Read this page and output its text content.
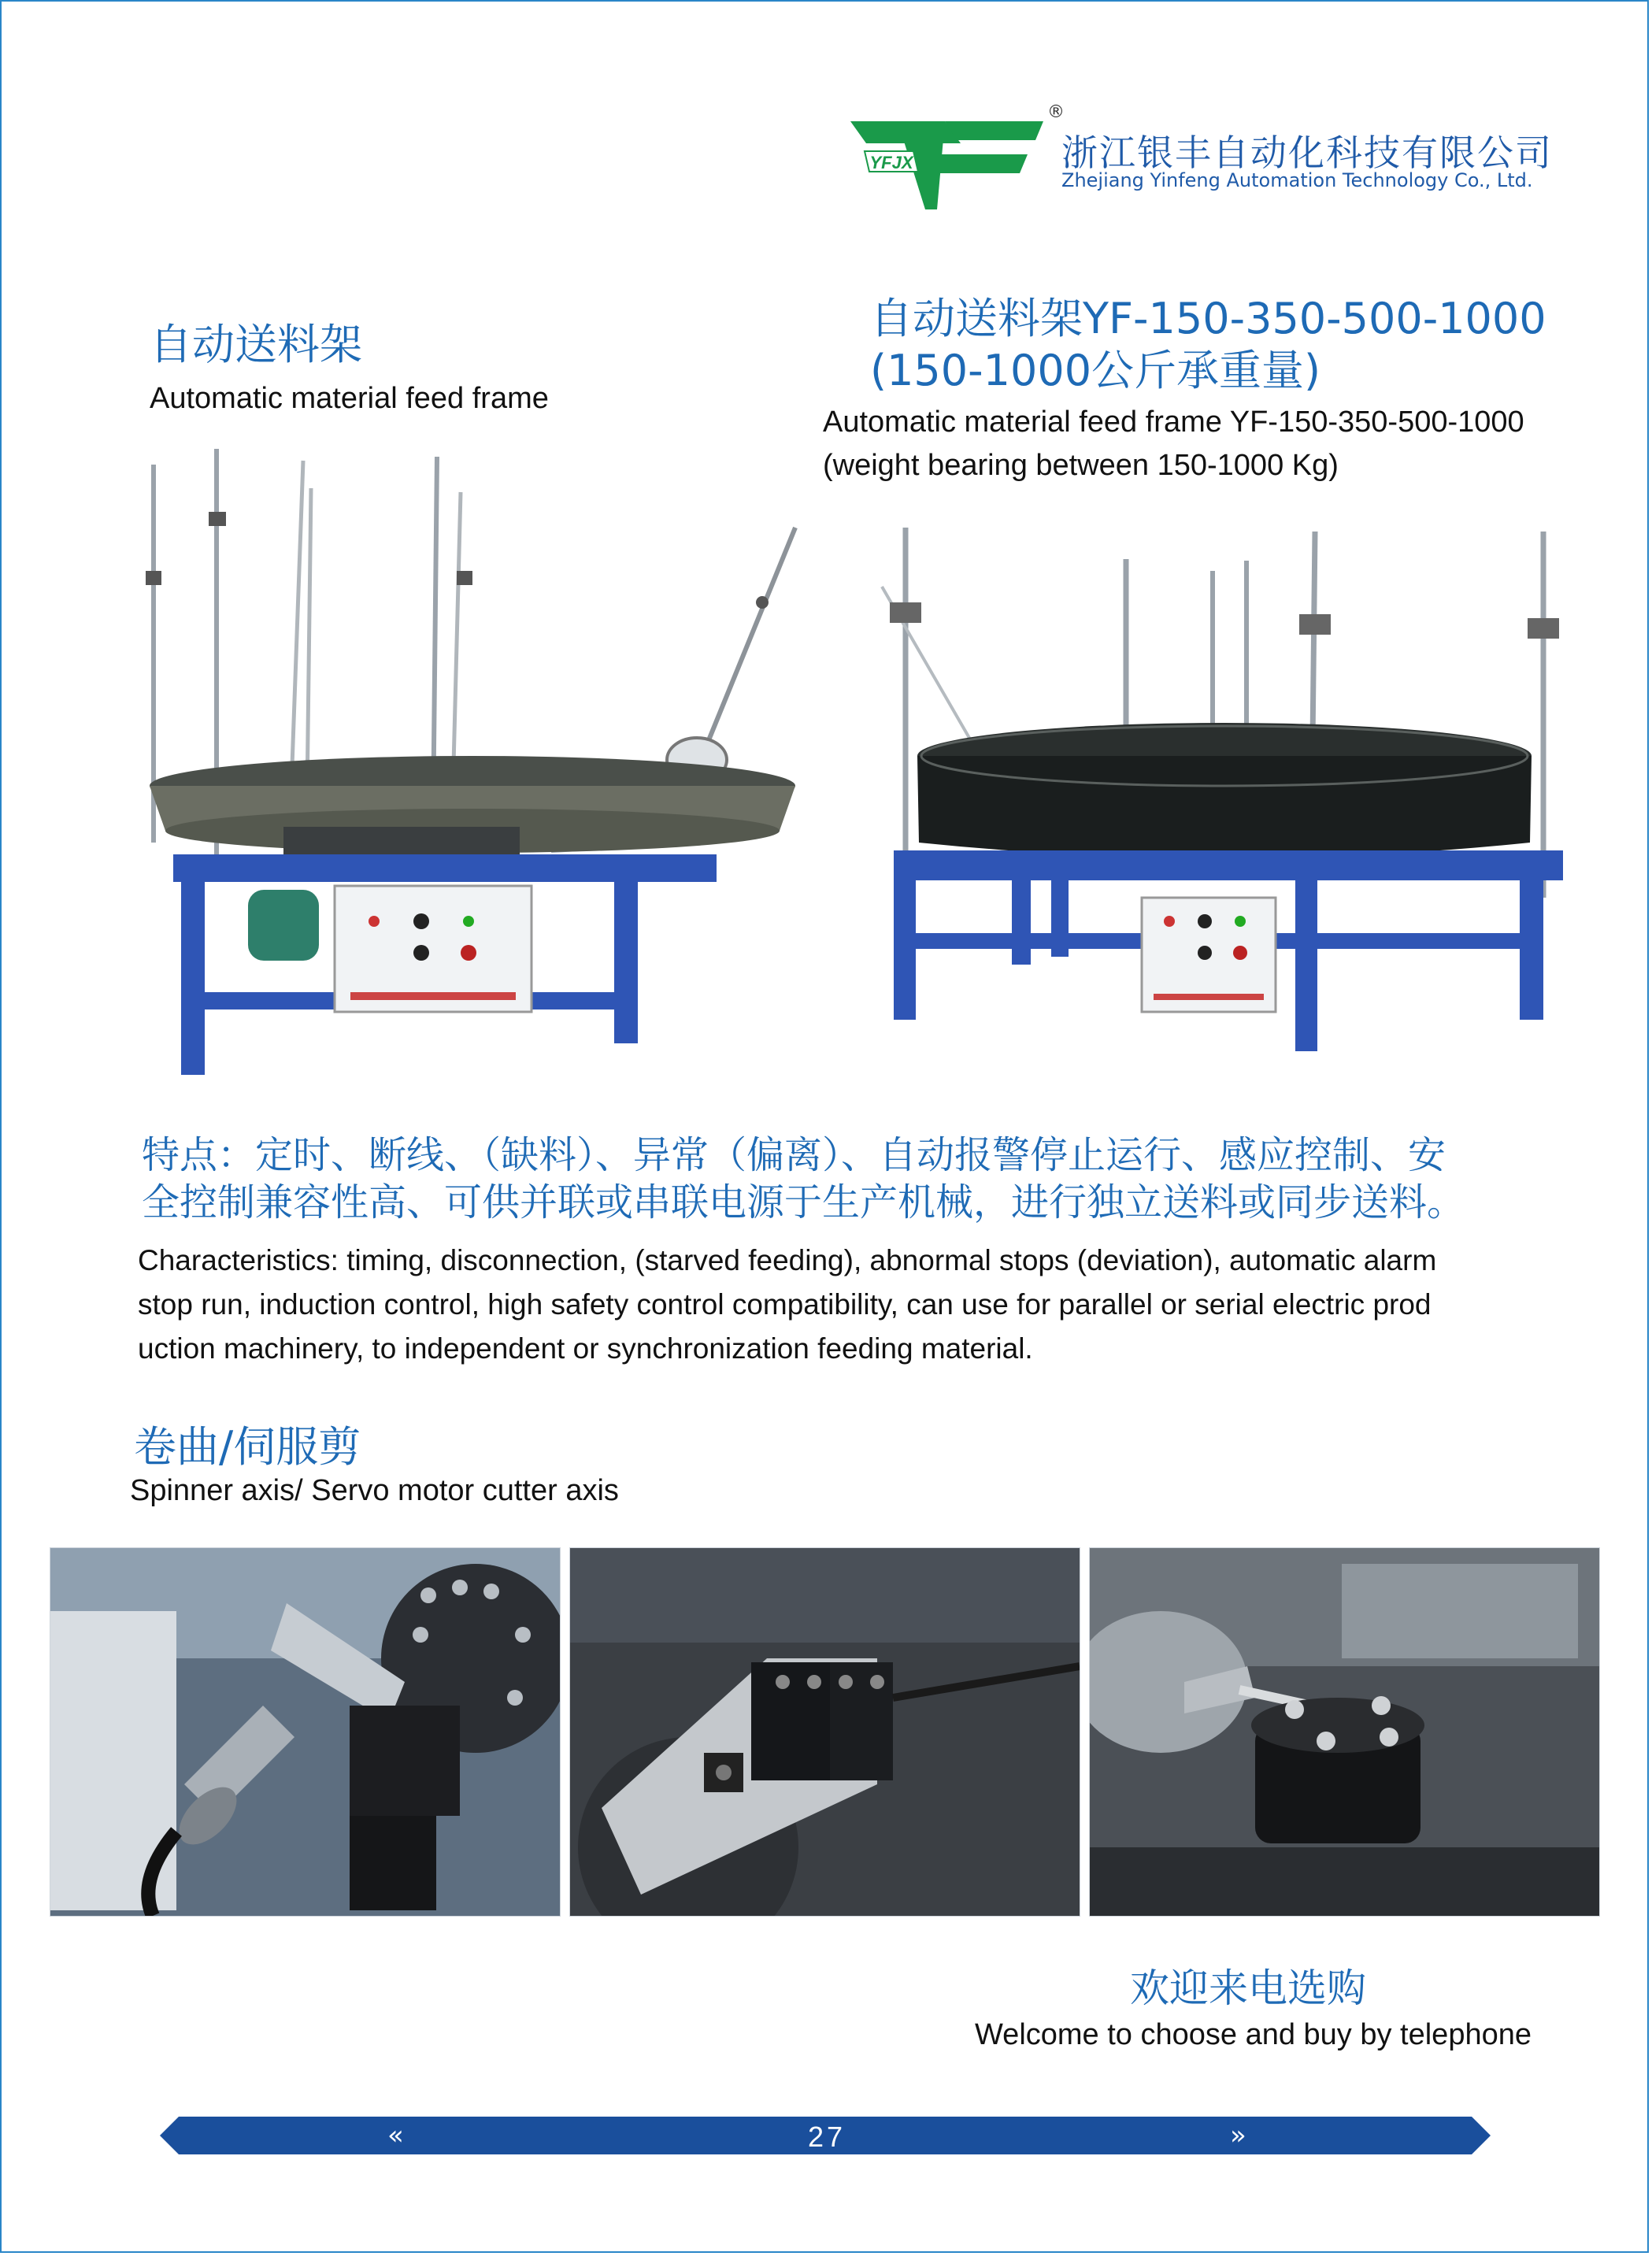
YFJX
®
浙江银丰自动化科技有限公司
Zhejiang Yinfeng Automation Technology Co., Ltd.
自动送料架
Automatic material feed frame
自动送料架YF-150-350-500-1000
(150-1000公斤承重量)
Automatic material feed frame YF-150-350-500-1000
(weight bearing between 150-1000 Kg)
特点：定时、断线、（缺料）、异常（偏离）、自动报警停止运行、感应控制、安
全控制兼容性高、可供并联或串联电源于生产机械，进行独立送料或同步送料。
Characteristics: timing, disconnection, (starved feeding), abnormal stops (deviation), automatic alarm
stop run, induction control, high safety control compatibility, can use for parallel or serial electric prod
uction machinery, to independent or synchronization feeding material.
卷曲/伺服剪
Spinner axis/ Servo motor cutter axis
欢迎来电选购
Welcome to choose and buy by telephone
«	»
27
